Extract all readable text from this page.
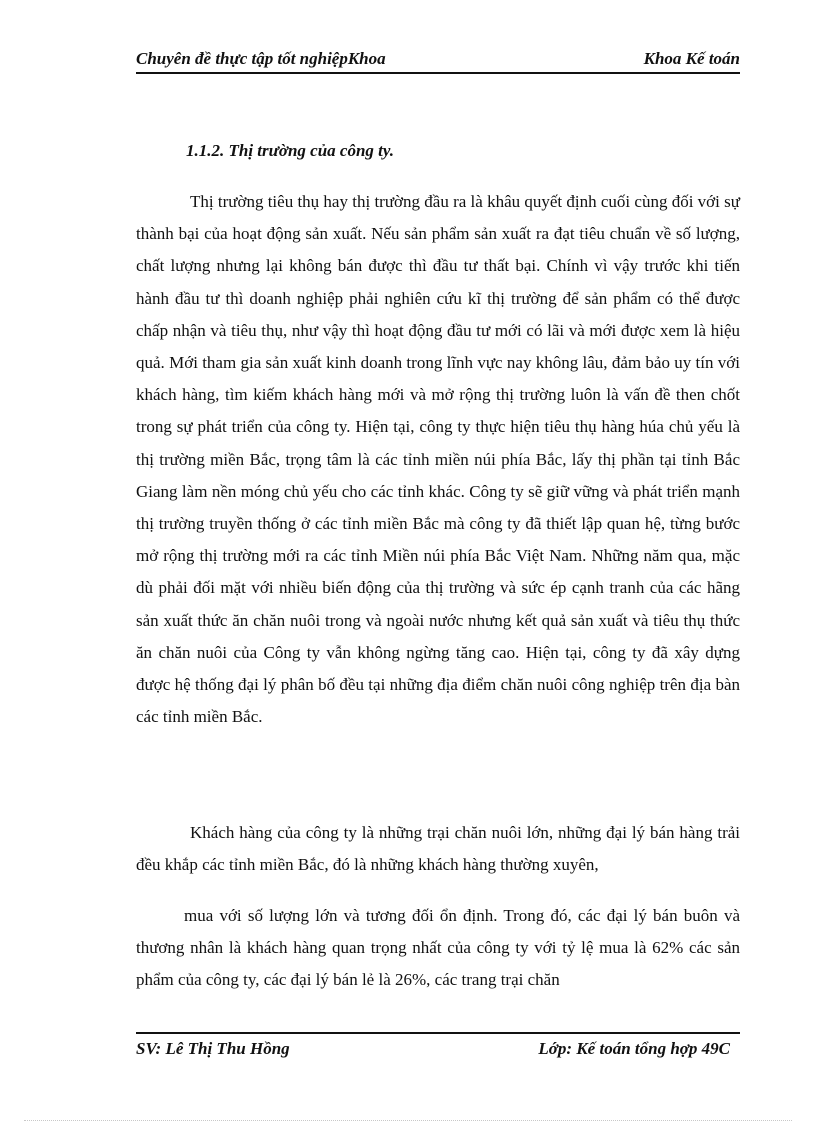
Chuyên đề thực tập tốt nghiệpKhoa	Khoa Kế toán
1.1.2. Thị trường của công ty.

Thị trường tiêu thụ hay thị trường đầu ra là khâu quyết định cuối cùng đối với sự thành bại của hoạt động sản xuất. Nếu sản phẩm sản xuất ra đạt tiêu chuẩn về số lượng, chất lượng nhưng lại không bán được thì đầu tư thất bại. Chính vì vậy trước khi tiến hành đầu tư thì doanh nghiệp phải nghiên cứu kĩ thị trường để sản phẩm có thể được chấp nhận và tiêu thụ, như vậy thì hoạt động đầu tư mới có lãi và mới được xem là hiệu quả. Mới tham gia sản xuất kinh doanh trong lĩnh vực nay không lâu, đảm bảo uy tín với khách hàng, tìm kiếm khách hàng mới và mở rộng thị trường luôn là vấn đề then chốt trong sự phát triển của công ty. Hiện tại, công ty thực hiện tiêu thụ hàng húa chủ yếu là thị trường miền Bắc, trọng tâm là các tỉnh miền núi phía Bắc, lấy thị phần tại tỉnh Bắc Giang làm nền móng chủ yếu cho các tỉnh khác. Công ty sẽ giữ vững và phát triển mạnh thị trường truyền thống ở các tỉnh miền Bắc mà công ty đã thiết lập quan hệ, từng bước mở rộng thị trường mới ra các tỉnh Miền núi phía Bắc Việt Nam. Những năm qua, mặc dù phải đối mặt với nhiều biến động của thị trường và sức ép cạnh tranh của các hãng sản xuất thức ăn chăn nuôi trong và ngoài nước nhưng kết quả sản xuất và tiêu thụ thức ăn chăn nuôi của Công ty vẫn không ngừng tăng cao. Hiện tại, công ty đã xây dựng được hệ thống đại lý phân bố đều tại những địa điểm chăn nuôi công nghiệp trên địa bàn các tỉnh miền Bắc.

Khách hàng của công ty là những trại chăn nuôi lớn, những đại lý bán hàng trải đều khắp các tỉnh miền Bắc, đó là những khách hàng thường xuyên,

mua với số lượng lớn và tương đối ổn định. Trong đó, các đại lý bán buôn và thương nhân là khách hàng quan trọng nhất của công ty với tỷ lệ mua là 62% các sản phẩm của công ty, các đại lý bán lẻ là 26%, các trang trại chăn

SV: Lê Thị Thu Hồng	Lớp: Kế toán tổng hợp 49C
